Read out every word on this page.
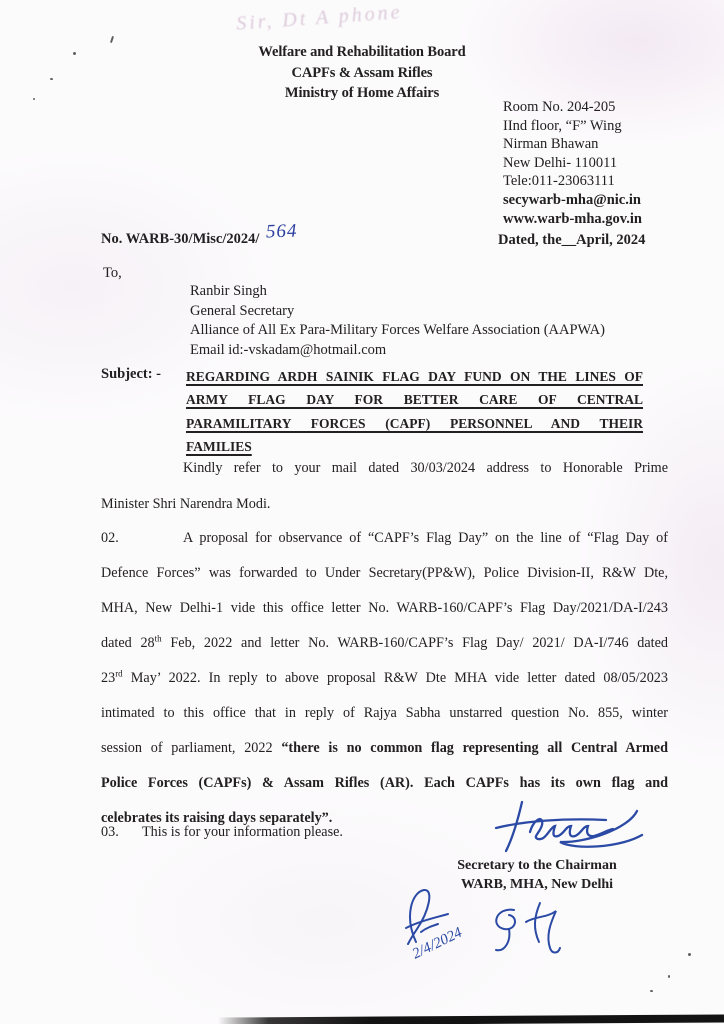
Sir, Dt A phone
Welfare and Rehabilitation Board
CAPFs & Assam Rifles
Ministry of Home Affairs
Room No. 204-205
IInd floor, “F” Wing
Nirman Bhawan
New Delhi- 110011
Tele:011-23063111
secywarb-mha@nic.in
www.warb-mha.gov.in
No. WARB-30/Misc/2024/ 564	Dated, the__April, 2024
To,
Ranbir Singh
General Secretary
Alliance of All Ex Para-Military Forces Welfare Association (AAPWA)
Email id:-vskadam@hotmail.com
Subject: - REGARDING ARDH SAINIK FLAG DAY FUND ON THE LINES OF
ARMY FLAG DAY FOR BETTER CARE OF CENTRAL
PARAMILITARY FORCES (CAPF) PERSONNEL AND THEIR
FAMILIES
Kindly refer to your mail dated 30/03/2024 address to Honorable Prime
Minister Shri Narendra Modi.
02.	A proposal for observance of “CAPF’s Flag Day” on the line of “Flag Day of
Defence Forces” was forwarded to Under Secretary(PP&W), Police Division-II, R&W Dte,
MHA, New Delhi-1 vide this office letter No. WARB-160/CAPF’s Flag Day/2021/DA-I/243
dated 28th Feb, 2022 and letter No. WARB-160/CAPF’s Flag Day/ 2021/ DA-I/746 dated
23rd May’ 2022. In reply to above proposal R&W Dte MHA vide letter dated 08/05/2023
intimated to this office that in reply of Rajya Sabha unstarred question No. 855, winter
session of parliament, 2022 “there is no common flag representing all Central Armed
Police Forces (CAPFs) & Assam Rifles (AR). Each CAPFs has its own flag and
celebrates its raising days separately”.
03. This is for your information please.
Secretary to the Chairman
WARB, MHA, New Delhi
2/4/2024
